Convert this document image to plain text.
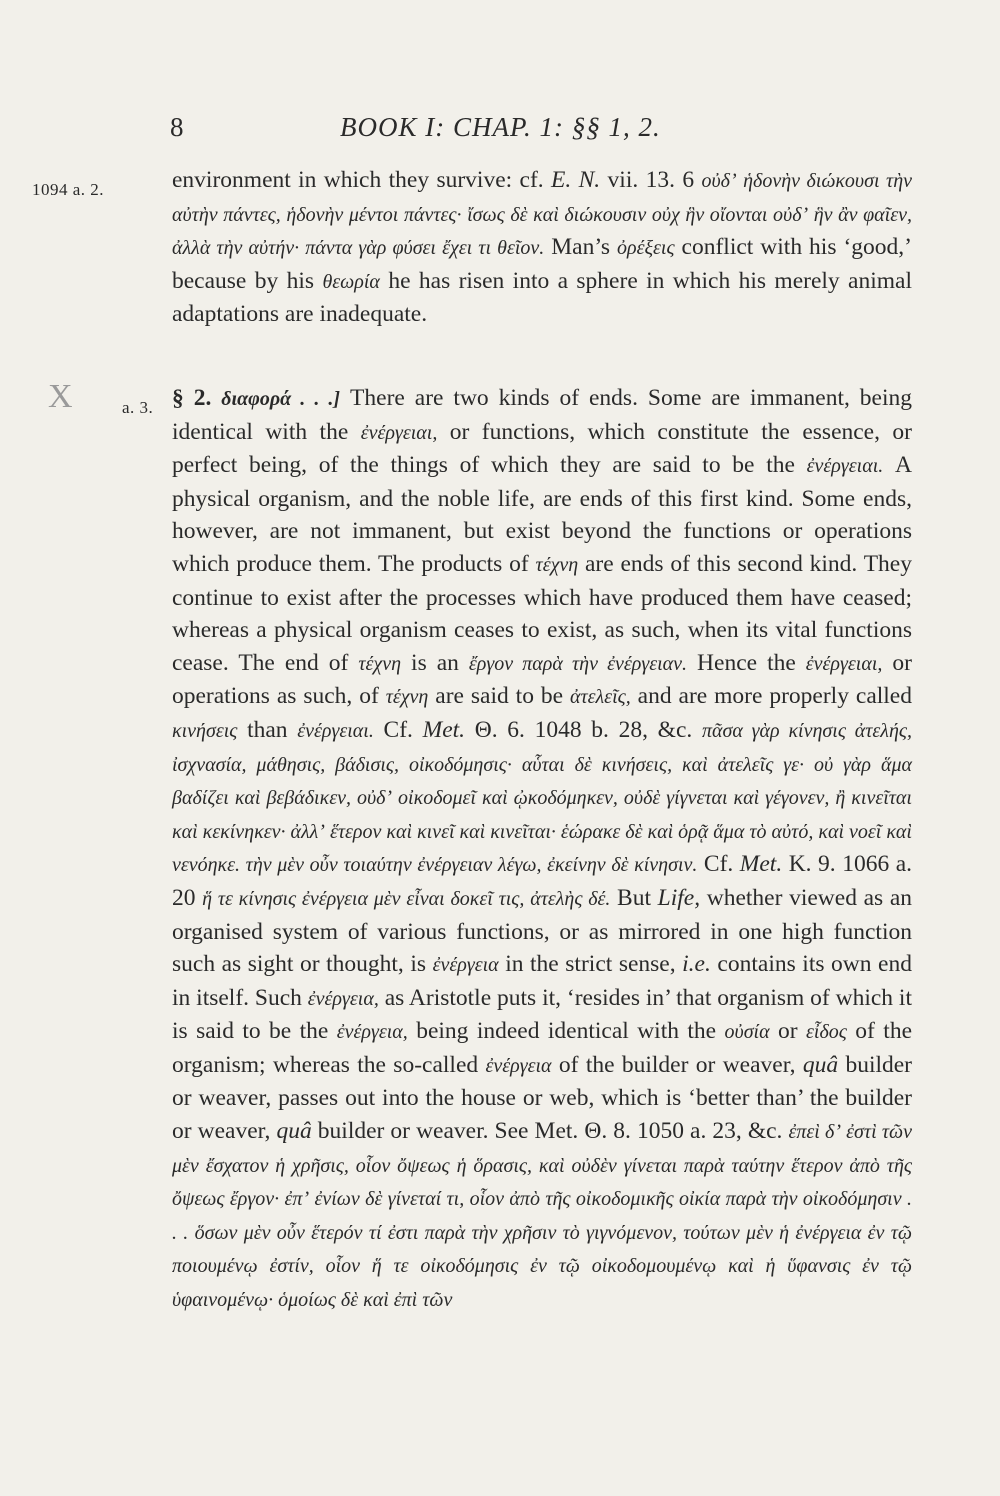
8	BOOK I: CHAP. 1: §§ 1, 2.
1094 a. 2.
X	a. 3.

environment in which they survive: cf. E. N. vii. 13. 6 οὐδʼ ἡδονὴν διώκουσι τὴν αὐτὴν πάντες, ἡδονὴν μέντοι πάντες· ἴσως δὲ καὶ διώκουσιν οὐχ ἣν οἴονται οὐδʼ ἣν ἂν φαῖεν, ἀλλὰ τὴν αὐτήν· πάντα γὰρ φύσει ἔχει τι θεῖον. Man’s ὀρέξεις conflict with his ‘good,’ because by his θεωρία he has risen into a sphere in which his merely animal adaptations are inadequate.

§ 2. διαφορά . . .] There are two kinds of ends. Some are immanent, being identical with the ἐνέργειαι, or functions, which constitute the essence, or perfect being, of the things of which they are said to be the ἐνέργειαι. A physical organism, and the noble life, are ends of this first kind. Some ends, however, are not immanent, but exist beyond the functions or operations which produce them. The products of τέχνη are ends of this second kind. They continue to exist after the processes which have produced them have ceased; whereas a physical organism ceases to exist, as such, when its vital functions cease. The end of τέχνη is an ἔργον παρὰ τὴν ἐνέργειαν. Hence the ἐνέργειαι, or operations as such, of τέχνη are said to be ἀτελεῖς, and are more properly called κινήσεις than ἐνέργειαι. Cf. Met. Θ. 6. 1048 b. 28, &c. πᾶσα γὰρ κίνησις ἀτελής, ἰσχνασία, μάθησις, βάδισις, οἰκοδόμησις· αὗται δὲ κινήσεις, καὶ ἀτελεῖς γε· οὐ γὰρ ἅμα βαδίζει καὶ βεβάδικεν, οὐδʼ οἰκοδομεῖ καὶ ᾠκοδόμηκεν, οὐδὲ γίγνεται καὶ γέγονεν, ἢ κινεῖται καὶ κεκίνηκεν· ἀλλʼ ἕτερον καὶ κινεῖ καὶ κινεῖται· ἑώρακε δὲ καὶ ὁρᾷ ἅμα τὸ αὐτό, καὶ νοεῖ καὶ νενόηκε. τὴν μὲν οὖν τοιαύτην ἐνέργειαν λέγω, ἐκείνην δὲ κίνησιν. Cf. Met. K. 9. 1066 a. 20 ἥ τε κίνησις ἐνέργεια μὲν εἶναι δοκεῖ τις, ἀτελὴς δέ. But Life, whether viewed as an organised system of various functions, or as mirrored in one high function such as sight or thought, is ἐνέργεια in the strict sense, i.e. contains its own end in itself. Such ἐνέργεια, as Aristotle puts it, ‘resides in’ that organism of which it is said to be the ἐνέργεια, being indeed identical with the οὐσία or εἶδος of the organism; whereas the so-called ἐνέργεια of the builder or weaver, quâ builder or weaver, passes out into the house or web, which is ‘better than’ the builder or weaver, quâ builder or weaver. See Met. Θ. 8. 1050 a. 23, &c. ἐπεὶ δʼ ἐστὶ τῶν μὲν ἔσχατον ἡ χρῆσις, οἷον ὄψεως ἡ ὅρασις, καὶ οὐδὲν γίνεται παρὰ ταύτην ἕτερον ἀπὸ τῆς ὄψεως ἔργον· ἐπʼ ἐνίων δὲ γίνεταί τι, οἷον ἀπὸ τῆς οἰκοδομικῆς οἰκία παρὰ τὴν οἰκοδόμησιν . . . ὅσων μὲν οὖν ἕτερόν τί ἐστι παρὰ τὴν χρῆσιν τὸ γιγνόμενον, τούτων μὲν ἡ ἐνέργεια ἐν τῷ ποιουμένῳ ἐστίν, οἷον ἥ τε οἰκοδόμησις ἐν τῷ οἰκοδομουμένῳ καὶ ἡ ὕφανσις ἐν τῷ ὑφαινομένῳ· ὁμοίως δὲ καὶ ἐπὶ τῶν
